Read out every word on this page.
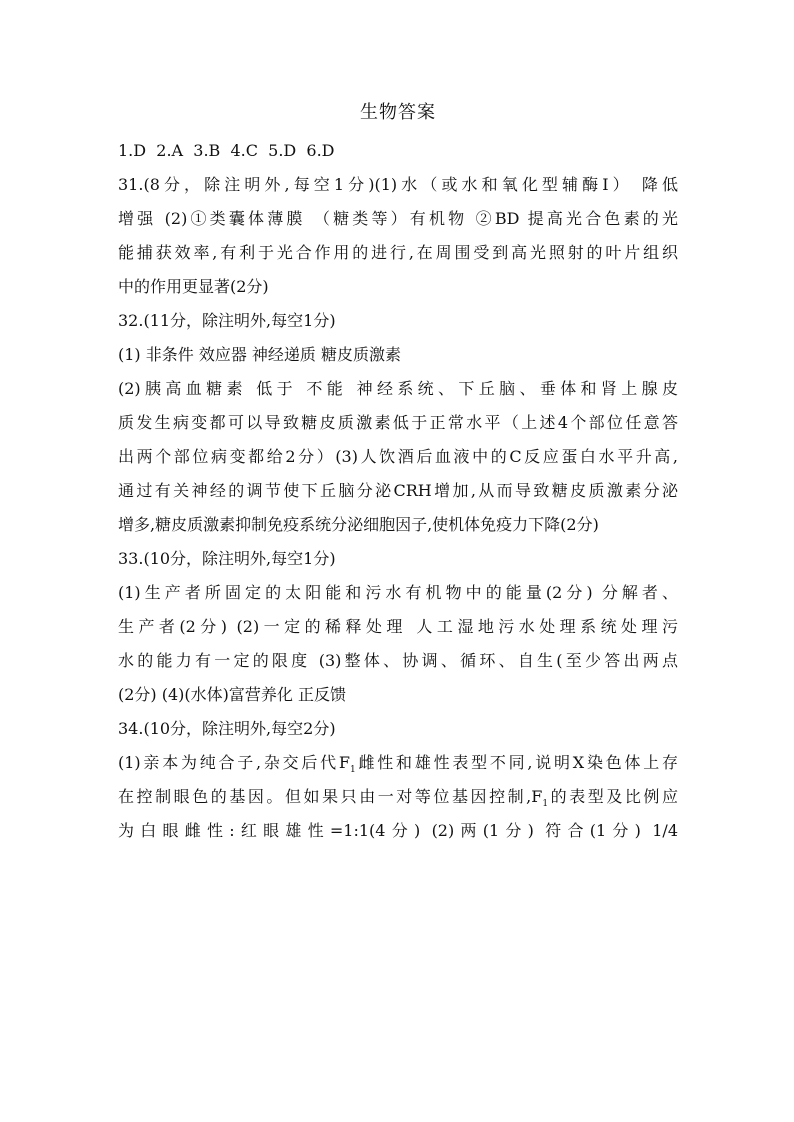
生物答案
1.D  2.A  3.B  4.C  5.D  6.D

31.(8分，除注明外,每空1分)(1)水（或水和氧化型辅酶Ⅰ） 降低

增强 (2)①类囊体薄膜 （糖类等）有机物 ②BD 提高光合色素的光

能捕获效率,有利于光合作用的进行,在周围受到高光照射的叶片组织

中的作用更显著(2分)

32.(11分，除注明外,每空1分)

(1) 非条件 效应器 神经递质 糖皮质激素

(2)胰高血糖素 低于 不能 神经系统、下丘脑、垂体和肾上腺皮

质发生病变都可以导致糖皮质激素低于正常水平（上述4个部位任意答

出两个部位病变都给2分）(3)人饮酒后血液中的C反应蛋白水平升高,

通过有关神经的调节使下丘脑分泌CRH增加,从而导致糖皮质激素分泌

增多,糖皮质激素抑制免疫系统分泌细胞因子,使机体免疫力下降(2分)

33.(10分，除注明外,每空1分)

(1)生产者所固定的太阳能和污水有机物中的能量(2分) 分解者、

生产者(2分) (2)一定的稀释处理 人工湿地污水处理系统处理污

水的能力有一定的限度 (3)整体、协调、循环、自生(至少答出两点

(2分) (4)(水体)富营养化 正反馈

34.(10分，除注明外,每空2分)

(1)亲本为纯合子,杂交后代$F_1$雌性和雄性表型不同,说明X染色体上存

在控制眼色的基因。但如果只由一对等位基因控制$,F_1$的表型及比例应

为白眼雌性:红眼雄性=1:1(4分) (2)两(1分) 符合(1分) 1/4
